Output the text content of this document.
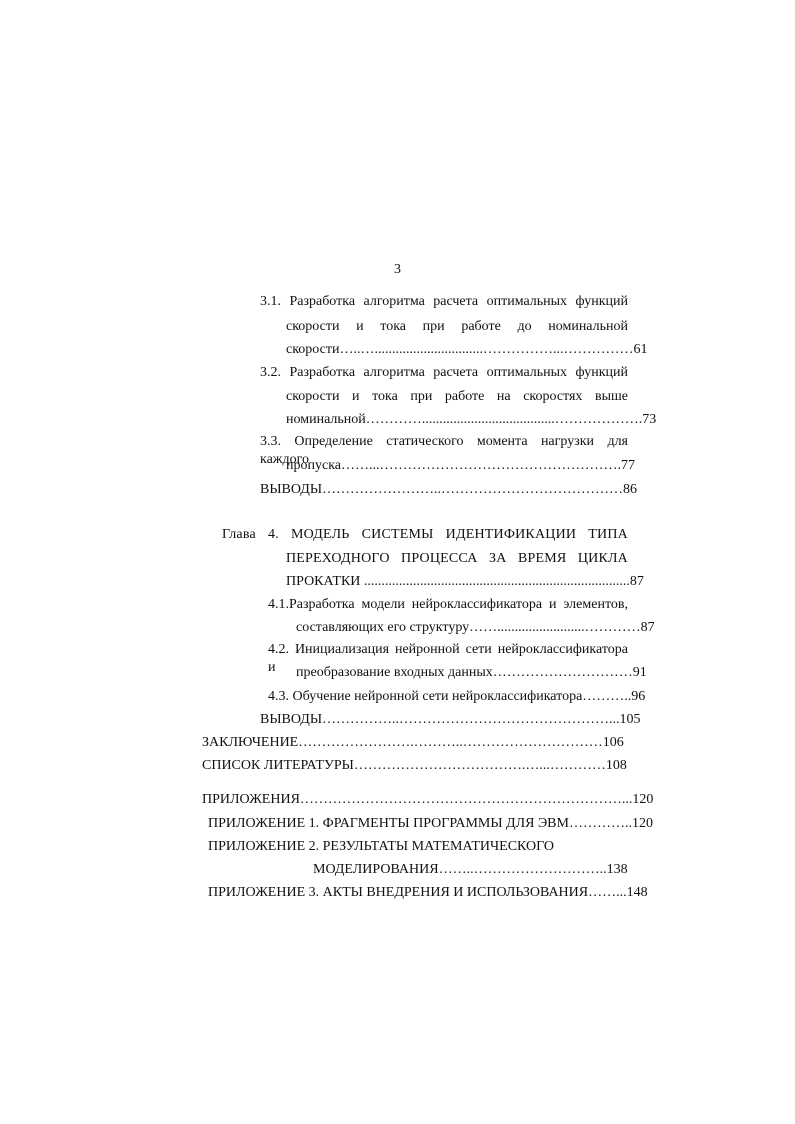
3
3.1. Разработка алгоритма расчета оптимальных функций
скорости и тока при работе до номинальной
скорости…..…...............................……………...……………61
3.2. Разработка алгоритма расчета оптимальных функций
скорости и тока при работе на скоростях выше
номинальной…………......................................……………….73
3.3. Определение статического момента нагрузки для каждого
пропуска……...…………………………………………….77
ВЫВОДЫ……………………..…………………………………86
Глава 4. МОДЕЛЬ СИСТЕМЫ ИДЕНТИФИКАЦИИ ТИПА
ПЕРЕХОДНОГО ПРОЦЕССА ЗА ВРЕМЯ ЦИКЛА
ПРОКАТКИ ............................................................................87
4.1.Разработка модели нейроклассификатора и элементов,
составляющих его структуру…….........................…………87
4.2. Инициализация нейронной сети нейроклассификатора и	преобразование входных данных…………………………91
4.3. Обучение нейронной сети нейроклассификатора………..96
ВЫВОДЫ……………..………………………………………...105
ЗАКЛЮЧЕНИЕ…………………….………..…………………………106
СПИСОК ЛИТЕРАТУРЫ……………………………….…...…………108
ПРИЛОЖЕНИЯ……………………………………………………………...120
ПРИЛОЖЕНИЕ 1. ФРАГМЕНТЫ ПРОГРАММЫ ДЛЯ ЭВМ…………..120
ПРИЛОЖЕНИЕ 2. РЕЗУЛЬТАТЫ МАТЕМАТИЧЕСКОГО
МОДЕЛИРОВАНИЯ……..………………………..138
ПРИЛОЖЕНИЕ 3. АКТЫ ВНЕДРЕНИЯ И ИСПОЛЬЗОВАНИЯ……...148
